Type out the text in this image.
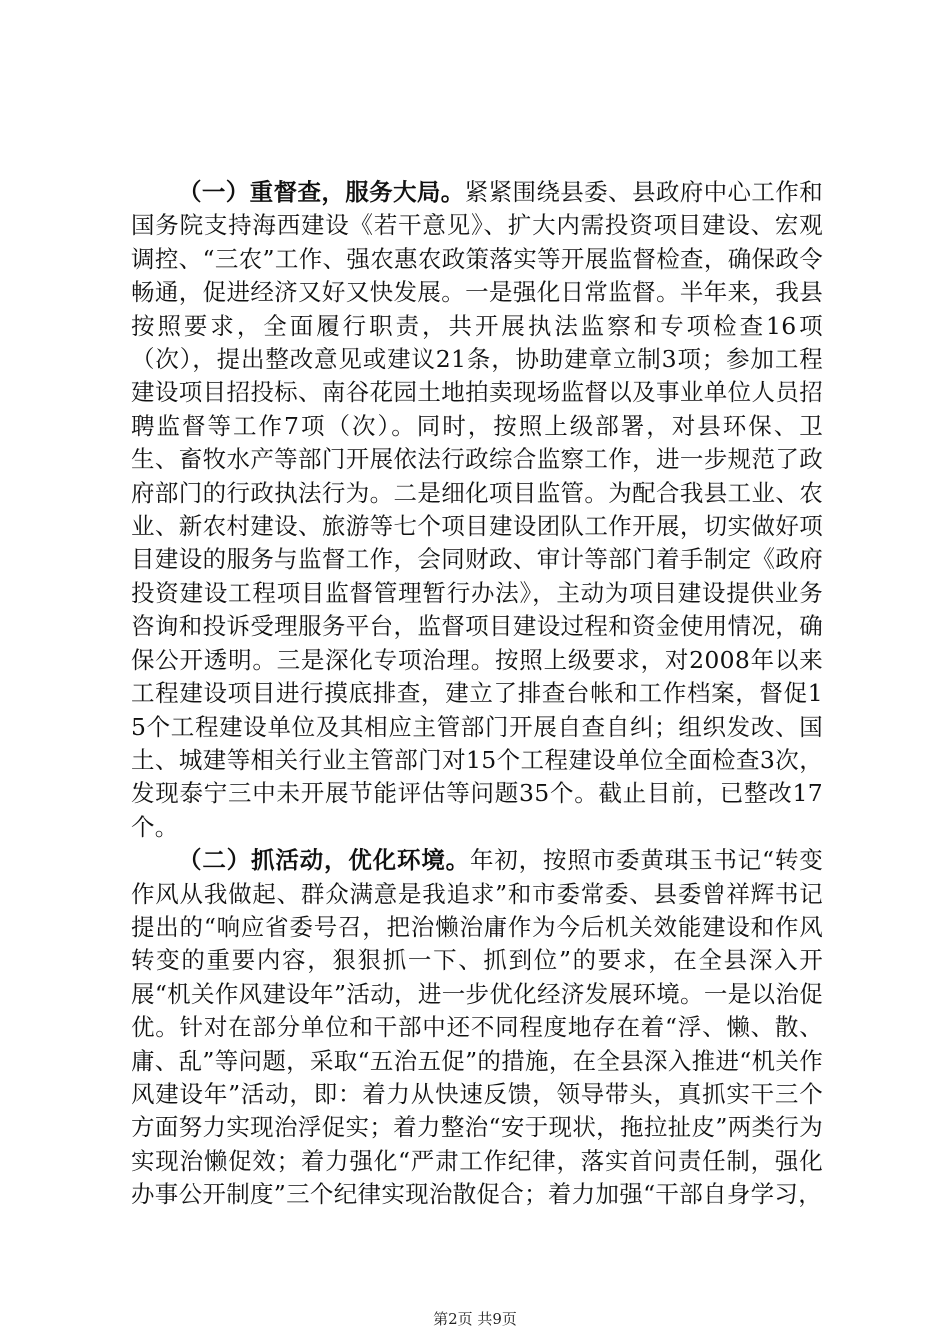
（一）重督查，服务大局。紧紧围绕县委、县政府中心工作和国务院支持海西建设《若干意见》、扩大内需投资项目建设、宏观调控、“三农”工作、强农惠农政策落实等开展监督检查，确保政令畅通，促进经济又好又快发展。一是强化日常监督。半年来，我县按照要求，全面履行职责，共开展执法监察和专项检查16项（次），提出整改意见或建议21条，协助建章立制3项；参加工程建设项目招投标、南谷花园土地拍卖现场监督以及事业单位人员招聘监督等工作7项（次）。同时，按照上级部署，对县环保、卫生、畜牧水产等部门开展依法行政综合监察工作，进一步规范了政府部门的行政执法行为。二是细化项目监管。为配合我县工业、农业、新农村建设、旅游等七个项目建设团队工作开展，切实做好项目建设的服务与监督工作，会同财政、审计等部门着手制定《政府投资建设工程项目监督管理暂行办法》，主动为项目建设提供业务咨询和投诉受理服务平台，监督项目建设过程和资金使用情况，确保公开透明。三是深化专项治理。按照上级要求，对2008年以来工程建设项目进行摸底排查，建立了排查台帐和工作档案，督促15个工程建设单位及其相应主管部门开展自查自纠；组织发改、国土、城建等相关行业主管部门对15个工程建设单位全面检查3次，发现泰宁三中未开展节能评估等问题35个。截止目前，已整改17个。

（二）抓活动，优化环境。年初，按照市委黄琪玉书记“转变作风从我做起、群众满意是我追求”和市委常委、县委曾祥辉书记提出的“响应省委号召，把治懒治庸作为今后机关效能建设和作风转变的重要内容，狠狠抓一下、抓到位”的要求，在全县深入开展“机关作风建设年”活动，进一步优化经济发展环境。一是以治促优。针对在部分单位和干部中还不同程度地存在着“浮、懒、散、庸、乱”等问题，采取“五治五促”的措施，在全县深入推进“机关作风建设年”活动，即：着力从快速反馈，领导带头，真抓实干三个方面努力实现治浮促实；着力整治“安于现状，拖拉扯皮”两类行为实现治懒促效；着力强化“严肃工作纪律，落实首问责任制，强化办事公开制度”三个纪律实现治散促合；着力加强“干部自身学习，

第2页 共9页
